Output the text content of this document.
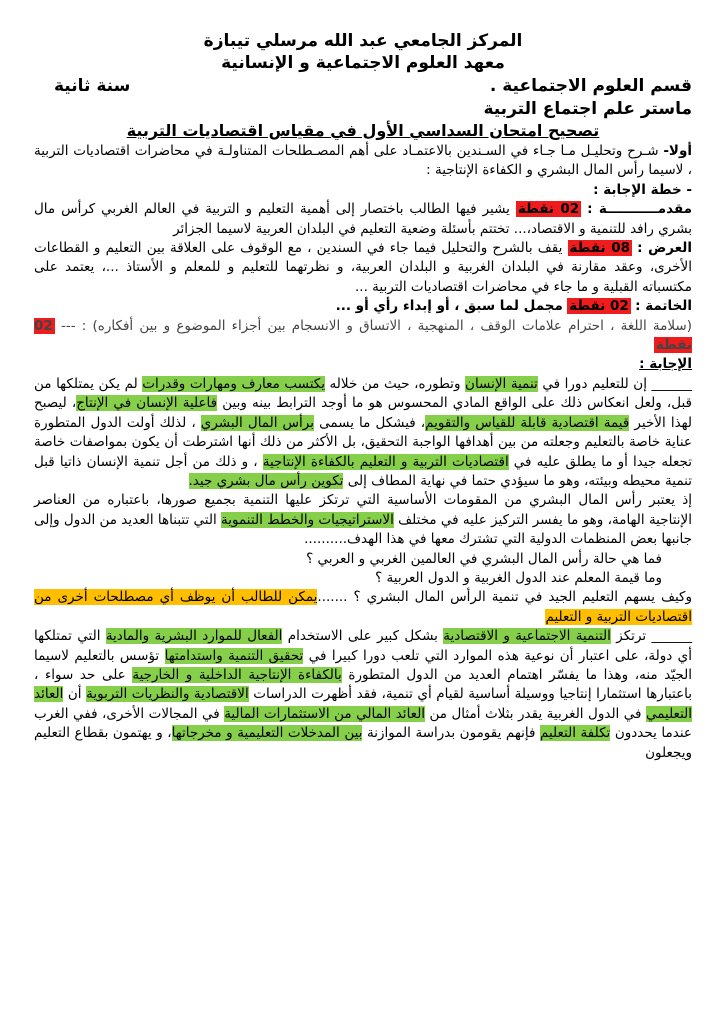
المركز الجامعي عبد الله مرسلي تيبازة
معهد العلوم الاجتماعية و الإنسانية
قسم العلوم الاجتماعية .
سنة ثانية
ماستر علم اجتماع التربية
تصحيح امتحان السداسي الأول في مقياس اقتصاديات التربية

أولا- شـرح وتحليـل مـا جـاء في السـندين بالاعتمـاد على أهم المصـطلحات المتناولـة في محاضرات اقتصاديات التربية ، لاسيما رأس المال البشري و الكفاءة الإنتاجية :

- خطة الإجابة :

مقدمـــــــــــة : 02 نقطة يشير فيها الطالب باختصار إلى أهمية التعليم و التربية في العالم الغربي كرأس مال بشري رافد للتنمية و الاقتصاد،... تختتم بأسئلة وضعية التعليم في البلدان العربية لاسيما الجزائر

العرض : 08 نقطة يقف بالشرح والتحليل فيما جاء في السندين ، مع الوقوف على العلاقة بين التعليم و القطاعات الأخرى، وعقد مقارنة في البلدان الغربية و البلدان العربية، و نظرتهما للتعليم و للمعلم و الأستاذ ...، يعتمد على مكتسباته القبلية و ما جاء في محاضرات اقتصاديات التربية ...

الخاتمة : 02 نقطة مجمل لما سبق ، أو إبداء رأي أو ...

(سلامة اللغة ، احترام علامات الوقف ، المنهجية ، الاتساق و الانسجام بين أجزاء الموضوع و بين أفكاره) : --- 02 نقطة

الإجابة :

______ إن للتعليم دورا في تنمية الإنسان وتطوره، حيث من خلاله يكتسب معارف ومهارات وقدرات لم يكن يمتلكها من قبل، ولعل انعكاس ذلك على الواقع المادي المحسوس هو ما أوجد الترابط بينه وبين فاعلية الإنسان في الإنتاج، ليصبح لهذا الأخير قيمة اقتصادية قابلة للقياس والتقويم، فيشكل ما يسمى برأس المال البشري ، لذلك أولت الدول المتطورة عناية خاصة بالتعليم وجعلته من بين أهدافها الواجبة التحقيق، بل الأكثر من ذلك أنها اشترطت أن يكون بمواصفات خاصة تجعله جيدا أو ما يطلق عليه في اقتصاديات التربية و التعليم بالكفاءة الإنتاجية ، و ذلك من أجل تنمية الإنسان ذاتيا قبل تنمية محيطه وبيئته، وهو ما سيؤدي حتما في نهاية المطاف إلى تكوين رأس مال بشري جيد.

إذ يعتبر رأس المال البشري من المقومات الأساسية التي ترتكز عليها التنمية بجميع صورها، باعتباره من العناصر الإنتاجية الهامة، وهو ما يفسر التركيز عليه في مختلف الاستراتيجيات والخطط التنموية التي تتبناها العديد من الدول وإلى جانبها بعض المنظمات الدولية التي تشترك معها في هذا الهدف..........

فما هي حالة رأس المال البشري في العالمين الغربي و العربي ؟

وما قيمة المعلم عند الدول الغربية و الدول العربية ؟

وكيف يسهم التعليم الجيد في تنمية الرأس المال البشري ؟ .......يمكن للطالب أن يوظف أي مصطلحات أخرى من اقتصاديات التربية و التعليم

______ ترتكز التنمية الاجتماعية و الاقتصادية بشكل كبير على الاستخدام الفعال للموارد البشرية والمادية التي تمتلكها أي دولة، على اعتبار أن نوعية هذه الموارد التي تلعب دورا كبيرا في تحقيق التنمية واستدامتها تؤسس بالتعليم لاسيما الجيّد منه، وهذا ما يفسّر اهتمام العديد من الدول المتطورة بالكفاءة الإنتاجية الداخلية و الخارجية على حد سواء ، باعتبارها استثمارا إنتاجيا ووسيلة أساسية لقيام أي تنمية، فقد أظهرت الدراسات الاقتصادية والنظريات التربوية أن العائد التعليمي في الدول الغربية يقدر بثلاث أمثال من العائد المالي من الاستثمارات المالية في المجالات الأخرى، ففي الغرب عندما يحددون تكلفة التعليم فإنهم يقومون بدراسة الموازنة بين المدخلات التعليمية و مخرجاتها، و يهتمون بقطاع التعليم ويجعلون
